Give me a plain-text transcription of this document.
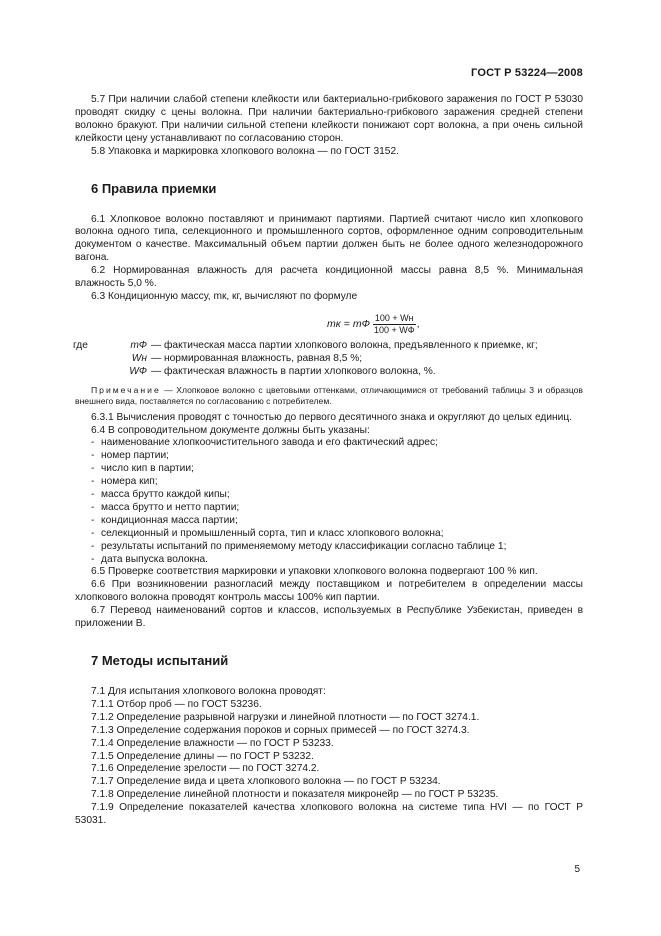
ГОСТ Р 53224—2008

5.7 При наличии слабой степени клейкости или бактериально-грибкового заражения по ГОСТ Р 53030 проводят скидку с цены волокна. При наличии бактериально-грибкового заражения средней степени волокно бракуют. При наличии сильной степени клейкости понижают сорт волокна, а при очень сильной клейкости цену устанавливают по согласованию сторон.

5.8 Упаковка и маркировка хлопкового волокна — по ГОСТ 3152.

6 Правила приемки

6.1 Хлопковое волокно поставляют и принимают партиями. Партией считают число кип хлопкового волокна одного типа, селекционного и промышленного сортов, оформленное одним сопроводительным документом о качестве. Максимальный объем партии должен быть не более одного железнодорожного вагона.

6.2 Нормированная влажность для расчета кондиционной массы равна 8,5 %. Минимальная влажность 5,0 %.

6.3 Кондиционную массу, mк, кг, вычисляют по формуле

mк = mФ $\frac{100 + Wн}{100 + WФ}$ ,

где	mФ — фактическая масса партии хлопкового волокна, предъявленного к приемке, кг;

Wн — нормированная влажность, равная 8,5 %;

WФ — фактическая влажность в партии хлопкового волокна, %.

Примечание — Хлопковое волокно с цветовыми оттенками, отличающимися от требований таблицы 3 и образцов внешнего вида, поставляется по согласованию с потребителем.

6.3.1 Вычисления проводят с точностью до первого десятичного знака и округляют до целых единиц.

6.4 В сопроводительном документе должны быть указаны:

- наименование хлопкоочистительного завода и его фактический адрес;

- номер партии;

- число кип в партии;

- номера кип;

- масса брутто каждой кипы;

- масса брутто и нетто партии;

- кондиционная масса партии;

- селекционный и промышленный сорта, тип и класс хлопкового волокна;

- результаты испытаний по применяемому методу классификации согласно таблице 1;

- дата выпуска волокна.

6.5 Проверке соответствия маркировки и упаковки хлопкового волокна подвергают 100 % кип.

6.6 При возникновении разногласий между поставщиком и потребителем в определении массы хлопкового волокна проводят контроль массы 100% кип партии.

6.7 Перевод наименований сортов и классов, используемых в Республике Узбекистан, приведен в приложении В.

7 Методы испытаний

7.1 Для испытания хлопкового волокна проводят:

7.1.1 Отбор проб — по ГОСТ 53236.

7.1.2 Определение разрывной нагрузки и линейной плотности — по ГОСТ 3274.1.

7.1.3 Определение содержания пороков и сорных примесей — по ГОСТ 3274.3.

7.1.4 Определение влажности — по ГОСТ Р 53233.

7.1.5 Определение длины — по ГОСТ Р 53232.

7.1.6 Определение зрелости — по ГОСТ 3274.2.

7.1.7 Определение вида и цвета хлопкового волокна — по ГОСТ Р 53234.

7.1.8 Определение линейной плотности и показателя микронейр — по ГОСТ Р 53235.

7.1.9 Определение показателей качества хлопкового волокна на системе типа HVI — по ГОСТ Р 53031.

5
